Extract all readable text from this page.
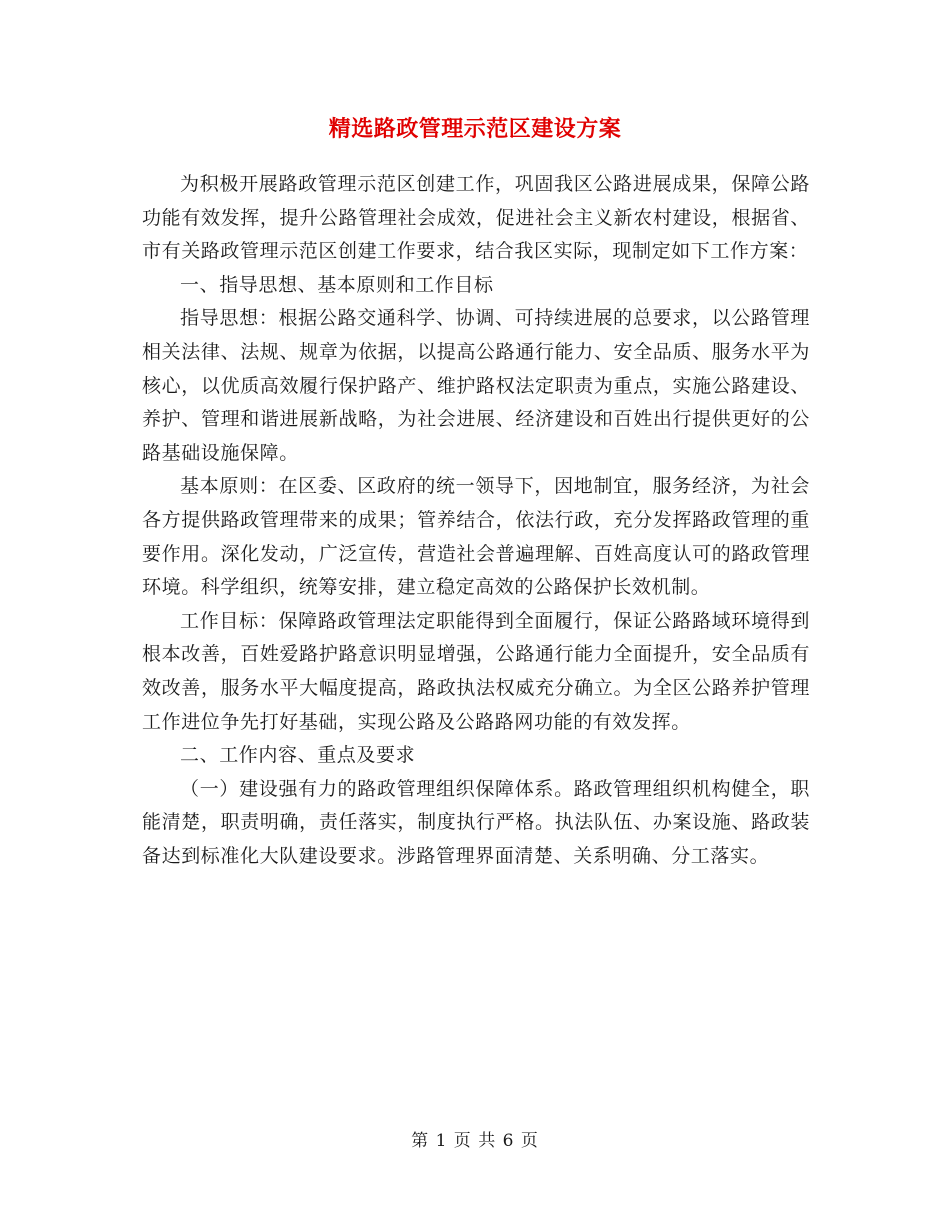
精选路政管理示范区建设方案

为积极开展路政管理示范区创建工作，巩固我区公路进展成果，保障公路功能有效发挥，提升公路管理社会成效，促进社会主义新农村建设，根据省、市有关路政管理示范区创建工作要求，结合我区实际，现制定如下工作方案：

一、指导思想、基本原则和工作目标

指导思想：根据公路交通科学、协调、可持续进展的总要求，以公路管理相关法律、法规、规章为依据，以提高公路通行能力、安全品质、服务水平为核心，以优质高效履行保护路产、维护路权法定职责为重点，实施公路建设、养护、管理和谐进展新战略，为社会进展、经济建设和百姓出行提供更好的公路基础设施保障。

基本原则：在区委、区政府的统一领导下，因地制宜，服务经济，为社会各方提供路政管理带来的成果；管养结合，依法行政，充分发挥路政管理的重要作用。深化发动，广泛宣传，营造社会普遍理解、百姓高度认可的路政管理环境。科学组织，统筹安排，建立稳定高效的公路保护长效机制。

工作目标：保障路政管理法定职能得到全面履行，保证公路路域环境得到根本改善，百姓爱路护路意识明显增强，公路通行能力全面提升，安全品质有效改善，服务水平大幅度提高，路政执法权威充分确立。为全区公路养护管理工作进位争先打好基础，实现公路及公路路网功能的有效发挥。

二、工作内容、重点及要求

（一）建设强有力的路政管理组织保障体系。路政管理组织机构健全，职能清楚，职责明确，责任落实，制度执行严格。执法队伍、办案设施、路政装备达到标准化大队建设要求。涉路管理界面清楚、关系明确、分工落实。

第 1 页 共 6 页
